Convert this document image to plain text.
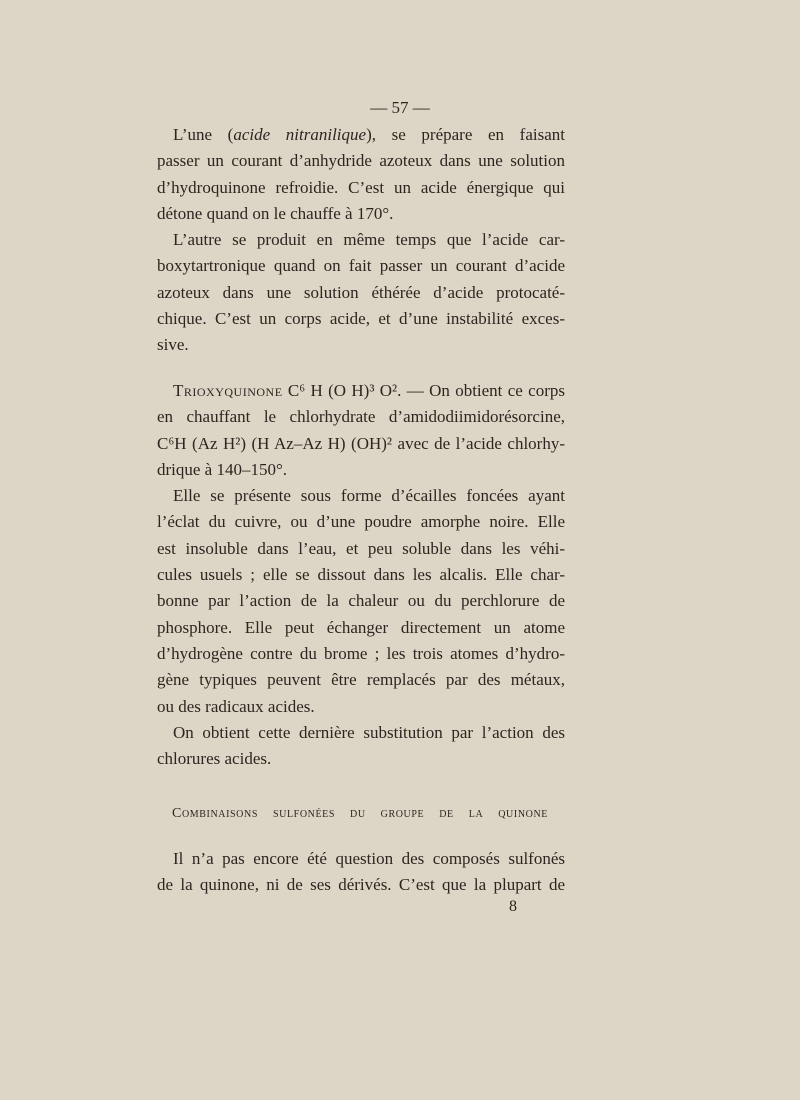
— 57 —

L’une (acide nitranilique), se prépare en faisant

passer un courant d’anhydride azoteux dans une solution

d’hydroquinone refroidie. C’est un acide énergique qui

détone quand on le chauffe à 170°.

L’autre se produit en même temps que l’acide car-

boxytartronique quand on fait passer un courant d’acide

azoteux dans une solution éthérée d’acide protocaté-

chique. C’est un corps acide, et d’une instabilité exces-

sive.

Trioxyquinone C⁶ H (O H)³ O². — On obtient ce corps

en chauffant le chlorhydrate d’amidodiimidorésorcine,

C⁶H (Az H²) (H Az–Az H) (OH)² avec de l’acide chlorhy-

drique à 140–150°.

Elle se présente sous forme d’écailles foncées ayant

l’éclat du cuivre, ou d’une poudre amorphe noire. Elle

est insoluble dans l’eau, et peu soluble dans les véhi-

cules usuels ; elle se dissout dans les alcalis. Elle char-

bonne par l’action de la chaleur ou du perchlorure de

phosphore. Elle peut échanger directement un atome

d’hydrogène contre du brome ; les trois atomes d’hydro-

gène typiques peuvent être remplacés par des métaux,

ou des radicaux acides.

On obtient cette dernière substitution par l’action des

chlorures acides.

Combinaisons sulfonées du groupe de la quinone

Il n’a pas encore été question des composés sulfonés

de la quinone, ni de ses dérivés. C’est que la plupart de

8
